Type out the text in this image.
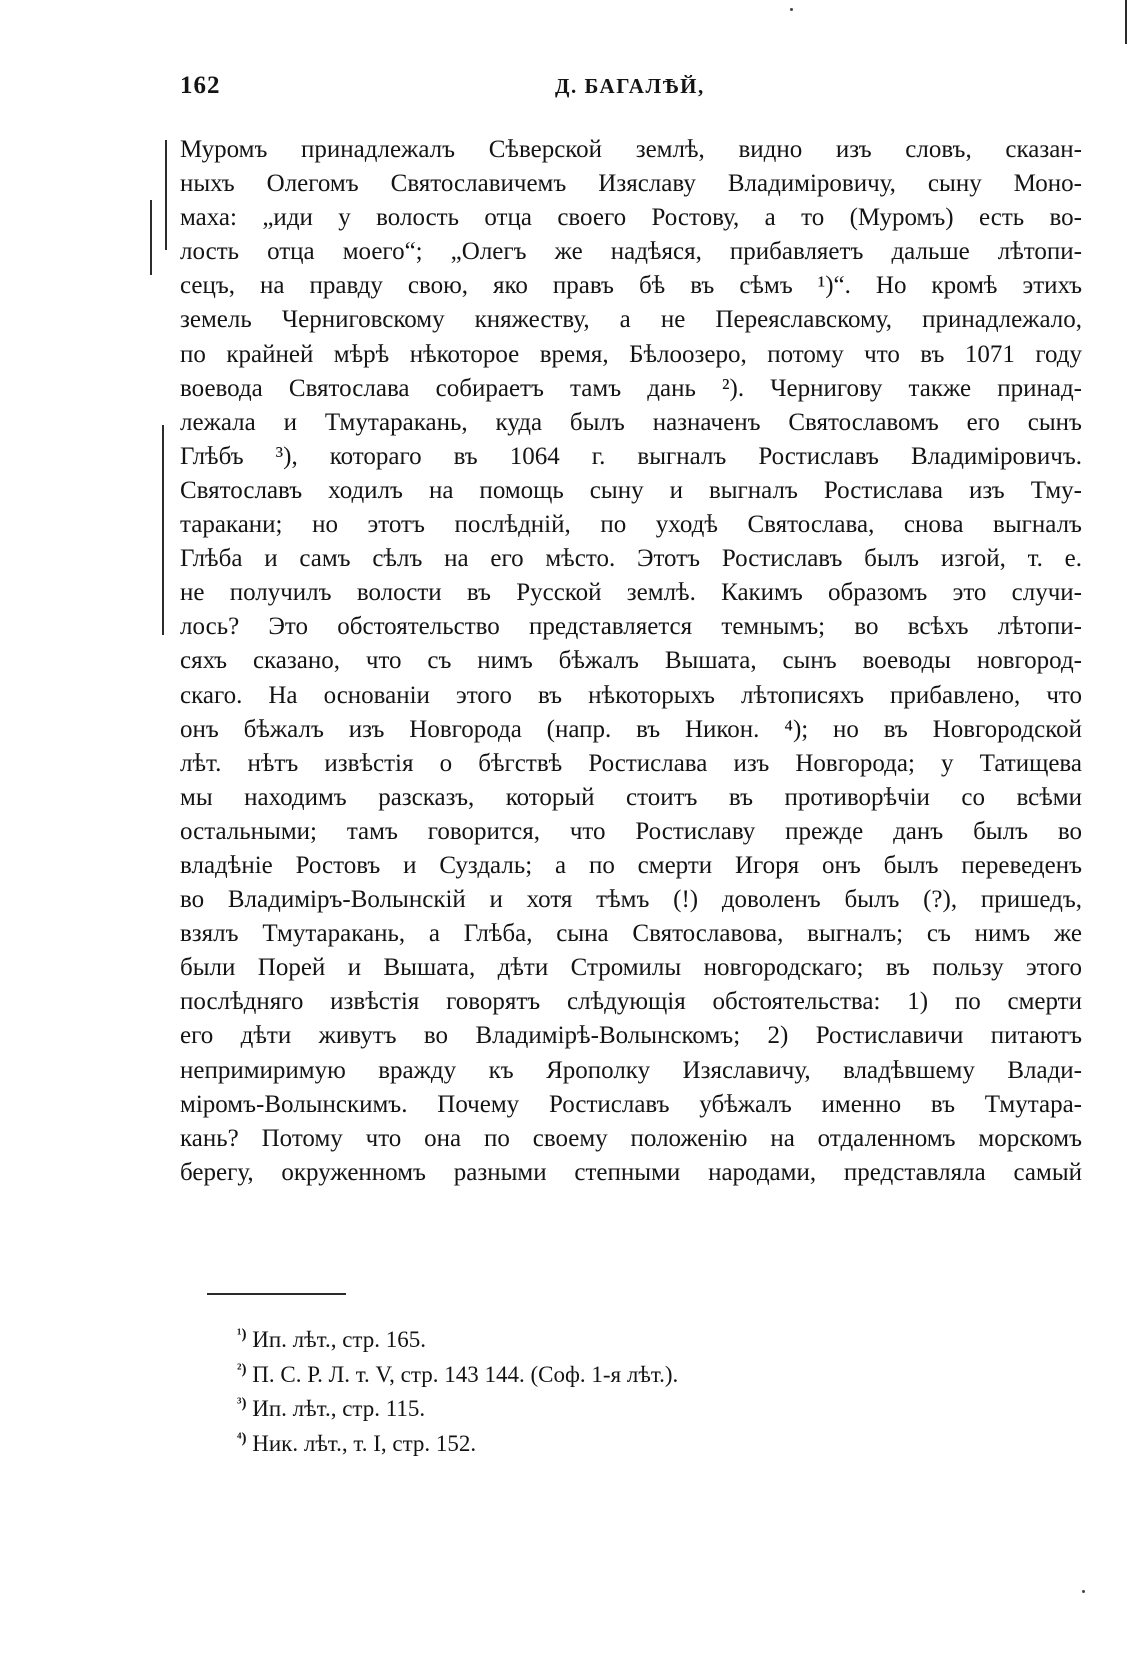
162	Д. БАГАЛѢЙ,
Муромъ принадлежалъ Сѣверской землѣ, видно изъ словъ, сказан-
ныхъ Олегомъ Святославичемъ Изяславу Владиміровичу, сыну Моно-
маха: „иди у волость отца своего Ростову, а то (Муромъ) есть во-
лость отца моего“; „Олегъ же надѣяся, прибавляетъ дальше лѣтопи-
сецъ, на правду свою, яко правъ бѣ въ сѣмъ ¹)“. Но кромѣ этихъ
земель Черниговскому княжеству, а не Переяславскому, принадлежало,
по крайней мѣрѣ нѣкоторое время, Бѣлоозеро, потому что въ 1071 году
воевода Святослава собираетъ тамъ дань ²). Чернигову также принад-
лежала и Тмутаракань, куда былъ назначенъ Святославомъ его сынъ
Глѣбъ ³), котораго въ 1064 г. выгналъ Ростиславъ Владиміровичъ.
Святославъ ходилъ на помощь сыну и выгналъ Ростислава изъ Тму-
таракани; но этотъ послѣдній, по уходѣ Святослава, снова выгналъ
Глѣба и самъ сѣлъ на его мѣсто. Этотъ Ростиславъ былъ изгой, т. е.
не получилъ волости въ Русской землѣ. Какимъ образомъ это случи-
лось? Это обстоятельство представляется темнымъ; во всѣхъ лѣтопи-
сяхъ сказано, что съ нимъ бѣжалъ Вышата, сынъ воеводы новгород-
скаго. На основаніи этого въ нѣкоторыхъ лѣтописяхъ прибавлено, что
онъ бѣжалъ изъ Новгорода (напр. въ Никон. ⁴); но въ Новгородской
лѣт. нѣтъ извѣстія о бѣгствѣ Ростислава изъ Новгорода; у Татищева
мы находимъ разсказъ, который стоитъ въ противорѣчіи со всѣми
остальными; тамъ говорится, что Ростиславу прежде данъ былъ во
владѣніе Ростовъ и Суздаль; а по смерти Игоря онъ былъ переведенъ
во Владиміръ-Волынскій и хотя тѣмъ (!) доволенъ былъ (?), пришедъ,
взялъ Тмутаракань, а Глѣба, сына Святославова, выгналъ; съ нимъ же
были Порей и Вышата, дѣти Стромилы новгородскаго; въ пользу этого
послѣдняго извѣстія говорятъ слѣдующія обстоятельства: 1) по смерти
его дѣти живутъ во Владимірѣ-Волынскомъ; 2) Ростиславичи питаютъ
непримиримую вражду къ Ярополку Изяславичу, владѣвшему Влади-
міромъ-Волынскимъ. Почему Ростиславъ убѣжалъ именно въ Тмутара-
кань? Потому что она по своему положенію на отдаленномъ морскомъ
берегу, окруженномъ разными степными народами, представляла самый
$^{^1)}$ Ип. лѣт., стр. 165.
$^{^2)}$ П. С. Р. Л. т. V, стр. 143 144. (Соф. 1-я лѣт.).
$^{^3)}$ Ип. лѣт., стр. 115.
$^{^4)}$ Ник. лѣт., т. I, стр. 152.
